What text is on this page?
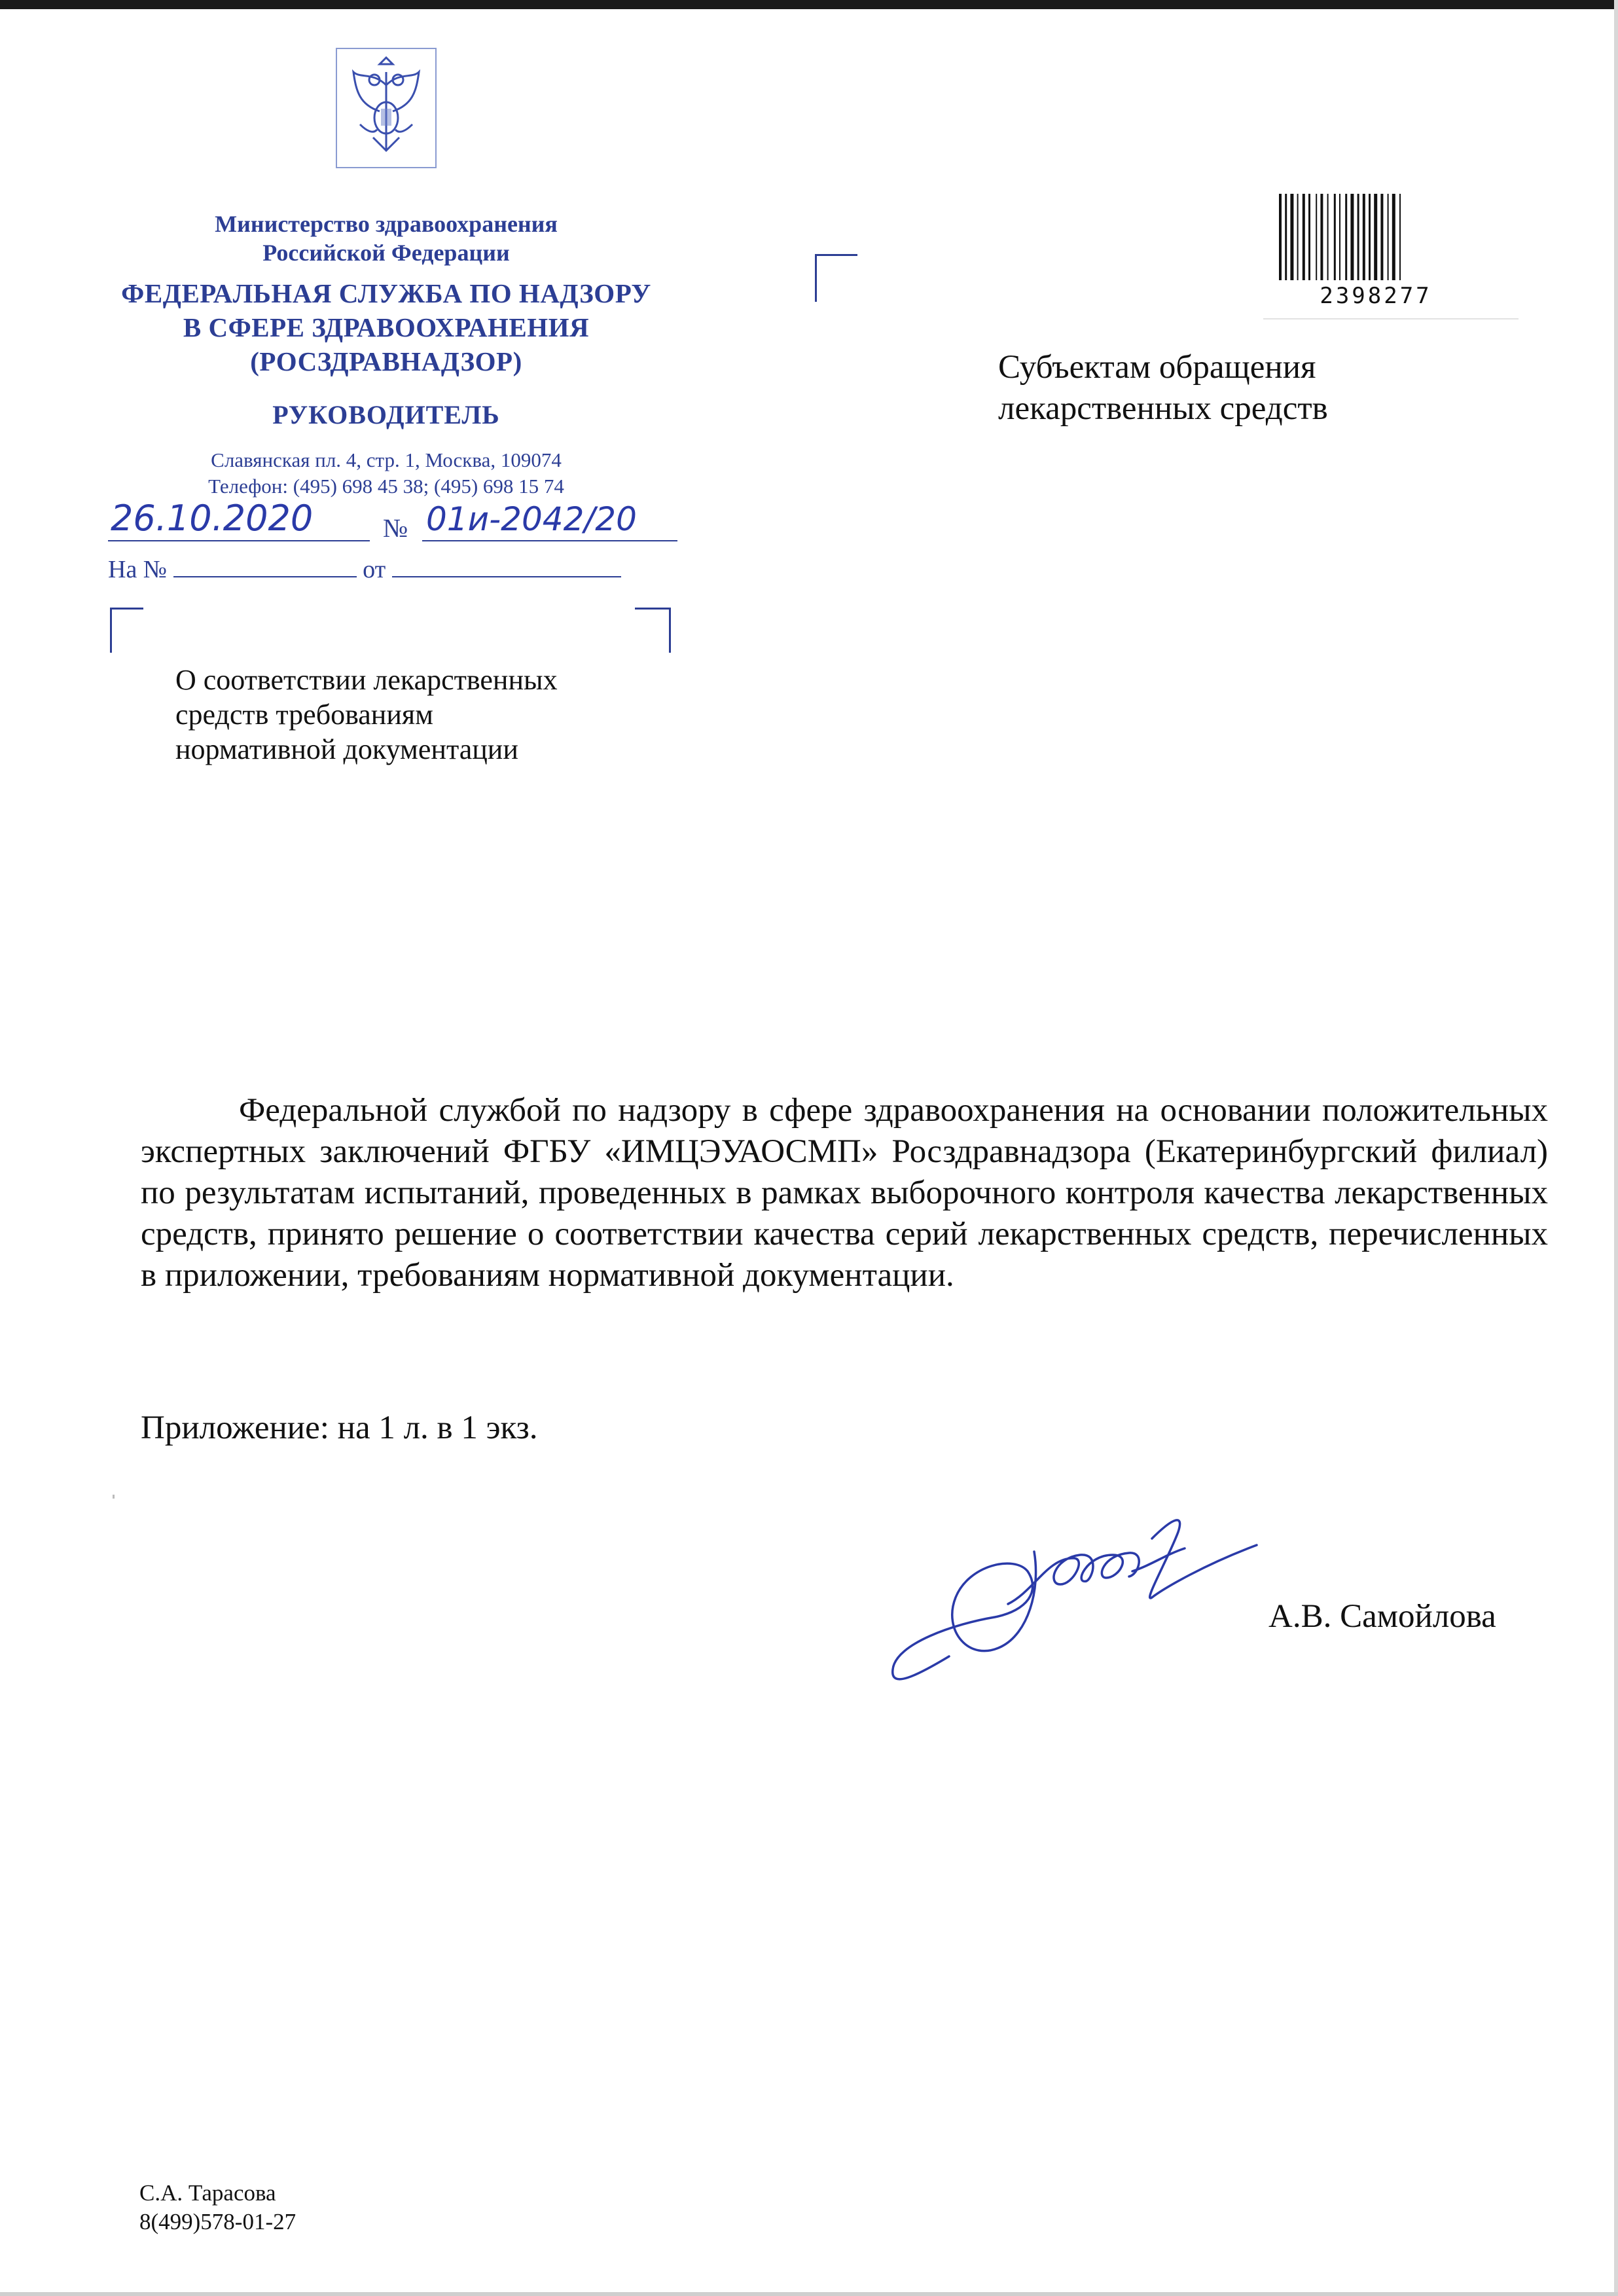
Министерство здравоохранения
Российской Федерации
ФЕДЕРАЛЬНАЯ СЛУЖБА ПО НАДЗОРУ
В СФЕРЕ ЗДРАВООХРАНЕНИЯ
(РОСЗДРАВНАДЗОР)
РУКОВОДИТЕЛЬ
Славянская пл. 4, стр. 1, Москва, 109074
Телефон: (495) 698 45 38; (495) 698 15 74
26.10.2020	№ 01и-2042/20
На №	от
2398277
Субъектам обращения
лекарственных средств
О соответствии лекарственных
средств требованиям
нормативной документации
Федеральной службой по надзору в сфере здравоохранения на основании положительных экспертных заключений ФГБУ «ИМЦЭУАОСМП» Росздравнадзора (Екатеринбургский филиал) по результатам испытаний, проведенных в рамках выборочного контроля качества лекарственных средств, принято решение о соответствии качества серий лекарственных средств, перечисленных в приложении, требованиям нормативной документации.
Приложение: на 1 л. в 1 экз.
А.В. Самойлова
С.А. Тарасова
8(499)578-01-27
